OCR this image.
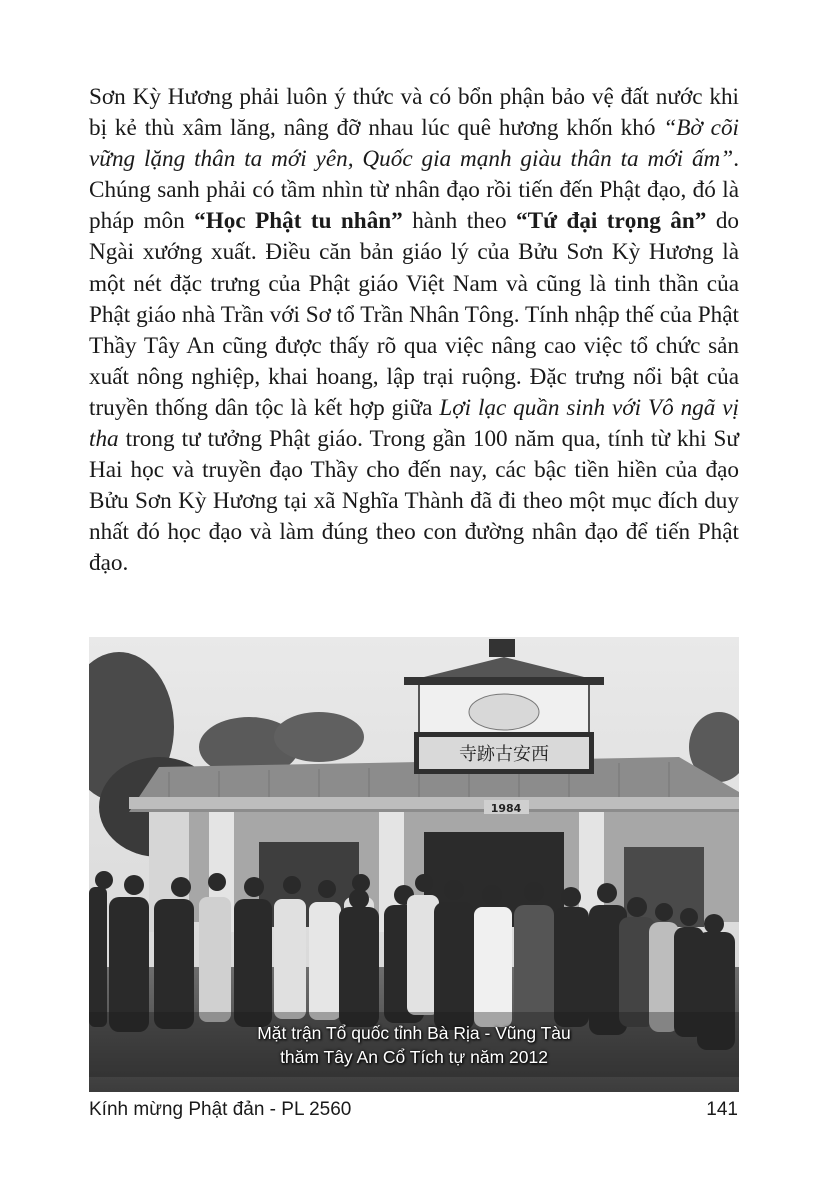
Sơn Kỳ Hương phải luôn ý thức và có bổn phận bảo vệ đất nước khi bị kẻ thù xâm lăng, nâng đỡ nhau lúc quê hương khốn khó “Bờ cõi vững lặng thân ta mới yên, Quốc gia mạnh giàu thân ta mới ấm”. Chúng sanh phải có tầm nhìn từ nhân đạo rồi tiến đến Phật đạo, đó là pháp môn “Học Phật tu nhân” hành theo “Tứ đại trọng ân” do Ngài xướng xuất. Điều căn bản giáo lý của Bửu Sơn Kỳ Hương là một nét đặc trưng của Phật giáo Việt Nam và cũng là tinh thần của Phật giáo nhà Trần với Sơ tổ Trần Nhân Tông. Tính nhập thế của Phật Thầy Tây An cũng được thấy rõ qua việc nâng cao việc tổ chức sản xuất nông nghiệp, khai hoang, lập trại ruộng. Đặc trưng nổi bật của truyền thống dân tộc là kết hợp giữa Lợi lạc quần sinh với Vô ngã vị tha trong tư tưởng Phật giáo. Trong gần 100 năm qua, tính từ khi Sư Hai học và truyền đạo Thầy cho đến nay, các bậc tiền hiền của đạo Bửu Sơn Kỳ Hương tại xã Nghĩa Thành đã đi theo một mục đích duy nhất đó học đạo và làm đúng theo con đường nhân đạo để tiến Phật đạo.

寺跡古安西
1984
Mặt trận Tổ quốc tỉnh Bà Rịa - Vũng Tàu
thăm Tây An Cổ Tích tự năm 2012
Kính mừng Phật đản - PL 2560	141
